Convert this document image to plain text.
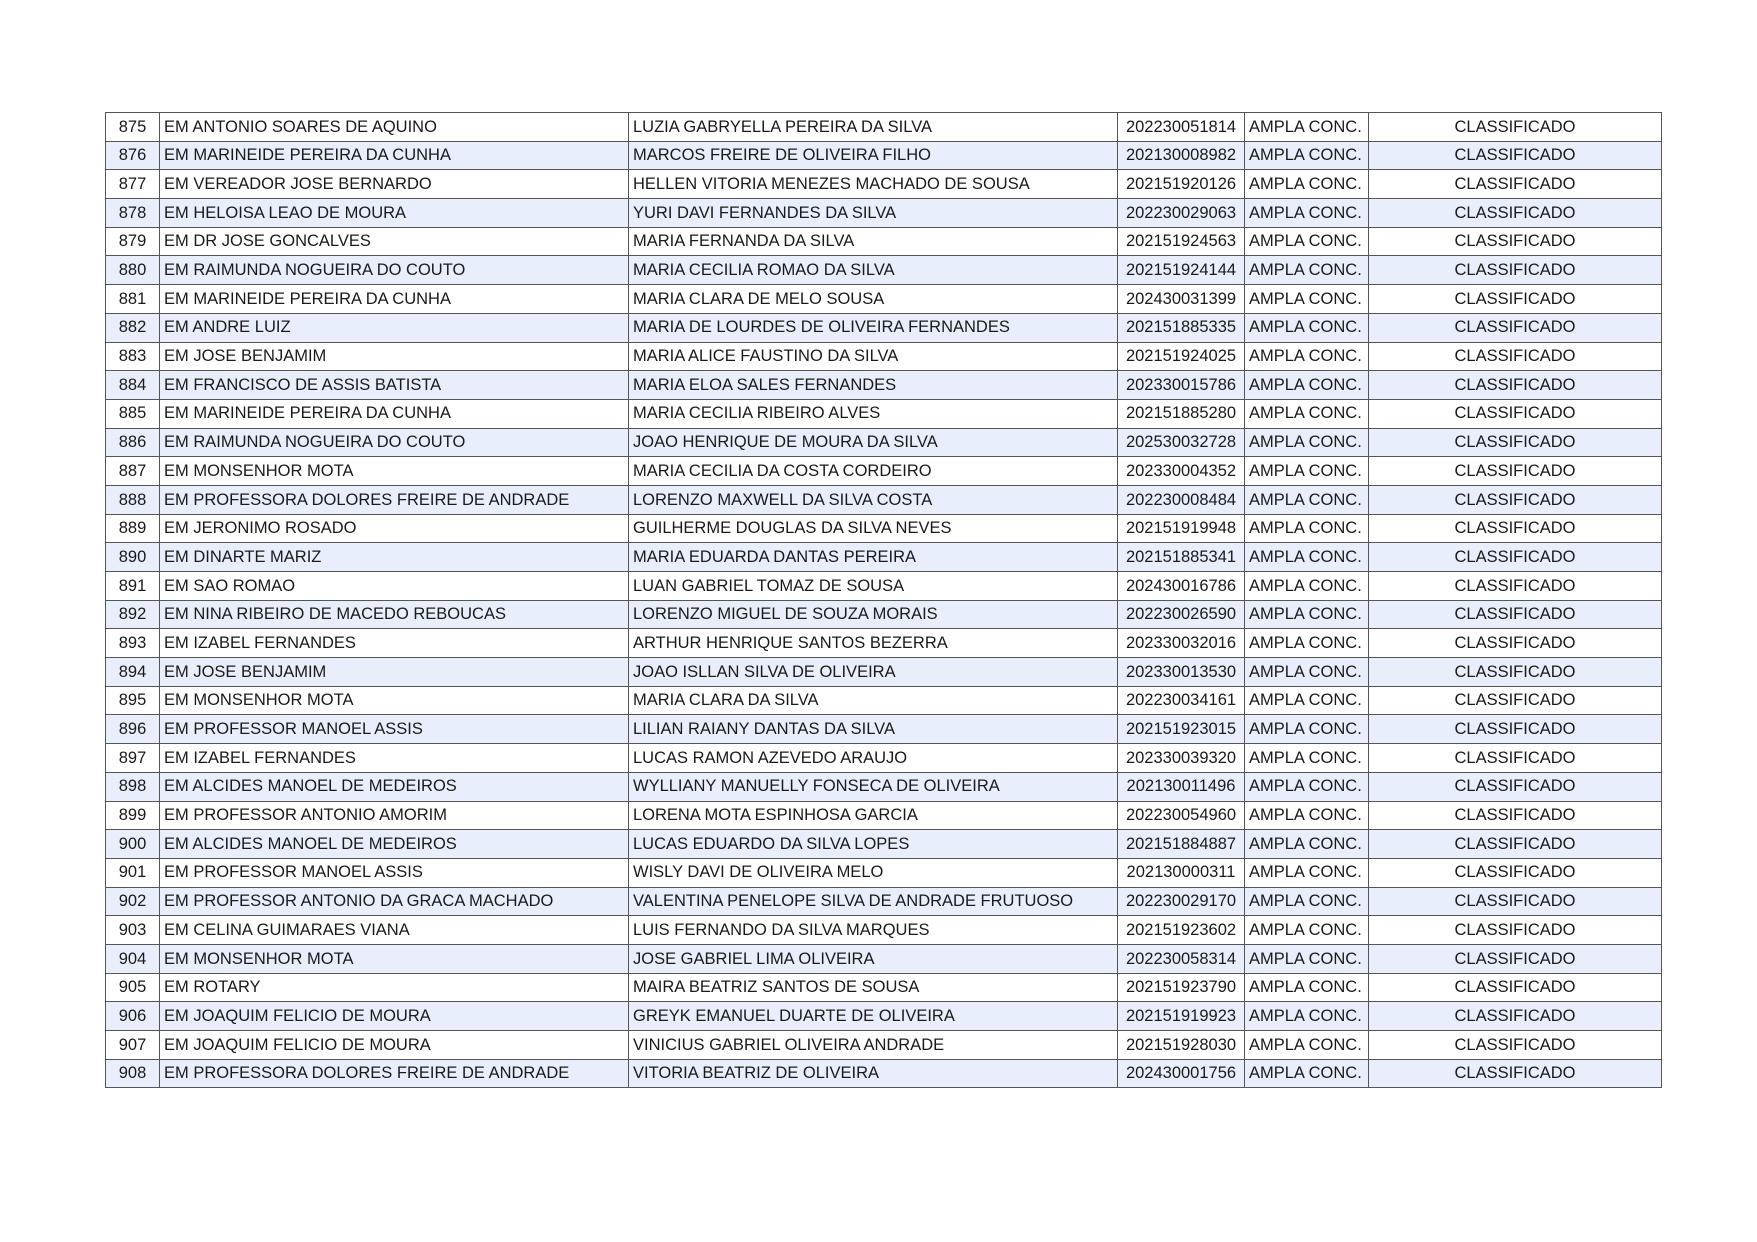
875	EM ANTONIO SOARES DE AQUINO	LUZIA GABRYELLA PEREIRA DA SILVA	202230051814	AMPLA CONC.	CLASSIFICADO
876	EM MARINEIDE PEREIRA DA CUNHA	MARCOS FREIRE DE OLIVEIRA FILHO	202130008982	AMPLA CONC.	CLASSIFICADO
877	EM VEREADOR JOSE BERNARDO	HELLEN VITORIA MENEZES MACHADO DE SOUSA	202151920126	AMPLA CONC.	CLASSIFICADO
878	EM HELOISA LEAO DE MOURA	YURI DAVI FERNANDES DA SILVA	202230029063	AMPLA CONC.	CLASSIFICADO
879	EM DR JOSE GONCALVES	MARIA FERNANDA DA SILVA	202151924563	AMPLA CONC.	CLASSIFICADO
880	EM RAIMUNDA NOGUEIRA DO COUTO	MARIA CECILIA ROMAO DA SILVA	202151924144	AMPLA CONC.	CLASSIFICADO
881	EM MARINEIDE PEREIRA DA CUNHA	MARIA CLARA DE MELO SOUSA	202430031399	AMPLA CONC.	CLASSIFICADO
882	EM ANDRE LUIZ	MARIA DE LOURDES DE OLIVEIRA FERNANDES	202151885335	AMPLA CONC.	CLASSIFICADO
883	EM JOSE BENJAMIM	MARIA ALICE FAUSTINO DA SILVA	202151924025	AMPLA CONC.	CLASSIFICADO
884	EM FRANCISCO DE ASSIS BATISTA	MARIA ELOA SALES FERNANDES	202330015786	AMPLA CONC.	CLASSIFICADO
885	EM MARINEIDE PEREIRA DA CUNHA	MARIA CECILIA RIBEIRO ALVES	202151885280	AMPLA CONC.	CLASSIFICADO
886	EM RAIMUNDA NOGUEIRA DO COUTO	JOAO HENRIQUE DE MOURA DA SILVA	202530032728	AMPLA CONC.	CLASSIFICADO
887	EM MONSENHOR MOTA	MARIA CECILIA DA COSTA CORDEIRO	202330004352	AMPLA CONC.	CLASSIFICADO
888	EM PROFESSORA DOLORES FREIRE DE ANDRADE	LORENZO MAXWELL DA SILVA COSTA	202230008484	AMPLA CONC.	CLASSIFICADO
889	EM JERONIMO ROSADO	GUILHERME DOUGLAS DA SILVA NEVES	202151919948	AMPLA CONC.	CLASSIFICADO
890	EM DINARTE MARIZ	MARIA EDUARDA DANTAS PEREIRA	202151885341	AMPLA CONC.	CLASSIFICADO
891	EM SAO ROMAO	LUAN GABRIEL TOMAZ DE SOUSA	202430016786	AMPLA CONC.	CLASSIFICADO
892	EM NINA RIBEIRO DE MACEDO REBOUCAS	LORENZO MIGUEL DE SOUZA MORAIS	202230026590	AMPLA CONC.	CLASSIFICADO
893	EM IZABEL FERNANDES	ARTHUR HENRIQUE SANTOS BEZERRA	202330032016	AMPLA CONC.	CLASSIFICADO
894	EM JOSE BENJAMIM	JOAO ISLLAN SILVA DE OLIVEIRA	202330013530	AMPLA CONC.	CLASSIFICADO
895	EM MONSENHOR MOTA	MARIA CLARA DA SILVA	202230034161	AMPLA CONC.	CLASSIFICADO
896	EM PROFESSOR MANOEL ASSIS	LILIAN RAIANY DANTAS DA SILVA	202151923015	AMPLA CONC.	CLASSIFICADO
897	EM IZABEL FERNANDES	LUCAS RAMON AZEVEDO ARAUJO	202330039320	AMPLA CONC.	CLASSIFICADO
898	EM ALCIDES MANOEL DE MEDEIROS	WYLLIANY MANUELLY FONSECA DE OLIVEIRA	202130011496	AMPLA CONC.	CLASSIFICADO
899	EM PROFESSOR ANTONIO AMORIM	LORENA MOTA ESPINHOSA GARCIA	202230054960	AMPLA CONC.	CLASSIFICADO
900	EM ALCIDES MANOEL DE MEDEIROS	LUCAS EDUARDO DA SILVA LOPES	202151884887	AMPLA CONC.	CLASSIFICADO
901	EM PROFESSOR MANOEL ASSIS	WISLY DAVI DE OLIVEIRA MELO	202130000311	AMPLA CONC.	CLASSIFICADO
902	EM PROFESSOR ANTONIO DA GRACA MACHADO	VALENTINA PENELOPE SILVA DE ANDRADE FRUTUOSO	202230029170	AMPLA CONC.	CLASSIFICADO
903	EM CELINA GUIMARAES VIANA	LUIS FERNANDO DA SILVA MARQUES	202151923602	AMPLA CONC.	CLASSIFICADO
904	EM MONSENHOR MOTA	JOSE GABRIEL LIMA OLIVEIRA	202230058314	AMPLA CONC.	CLASSIFICADO
905	EM ROTARY	MAIRA BEATRIZ SANTOS DE SOUSA	202151923790	AMPLA CONC.	CLASSIFICADO
906	EM JOAQUIM FELICIO DE MOURA	GREYK EMANUEL DUARTE DE OLIVEIRA	202151919923	AMPLA CONC.	CLASSIFICADO
907	EM JOAQUIM FELICIO DE MOURA	VINICIUS GABRIEL OLIVEIRA ANDRADE	202151928030	AMPLA CONC.	CLASSIFICADO
908	EM PROFESSORA DOLORES FREIRE DE ANDRADE	VITORIA BEATRIZ DE OLIVEIRA	202430001756	AMPLA CONC.	CLASSIFICADO
